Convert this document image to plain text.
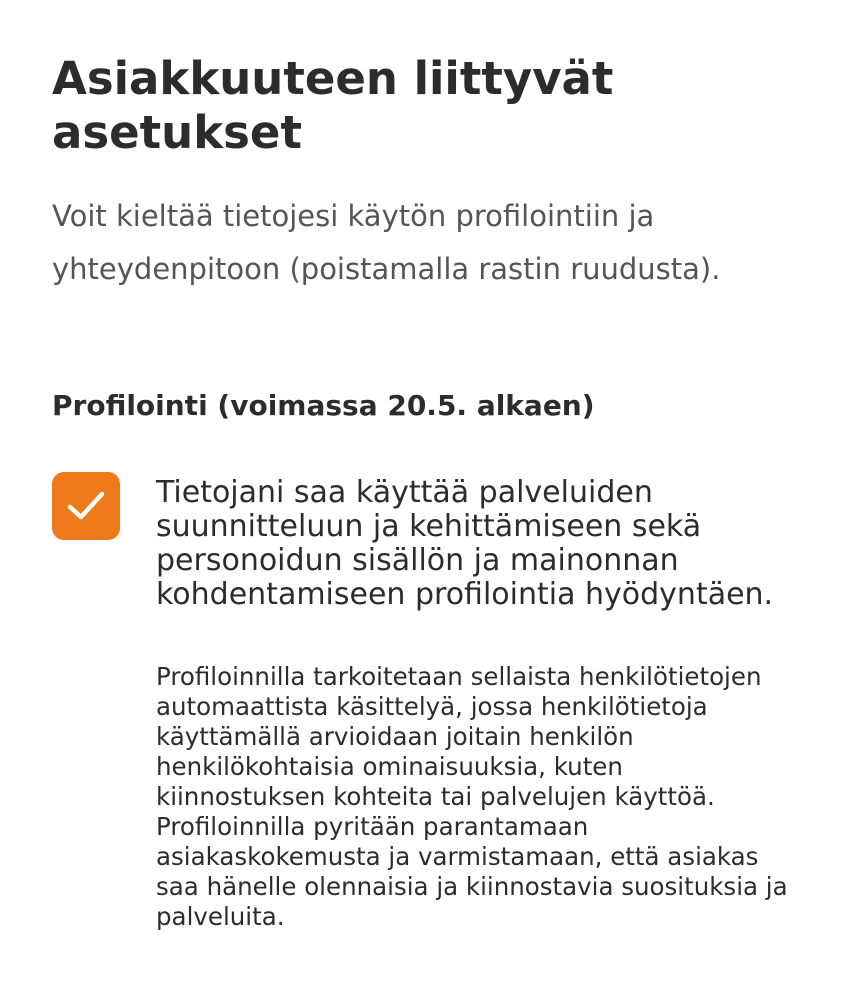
Asiakkuuteen liittyvät asetukset

Voit kieltää tietojesi käytön profilointiin ja yhteydenpitoon (poistamalla rastin ruudusta).

Profilointi (voimassa 20.5. alkaen)

Tietojani saa käyttää palveluiden suunnitteluun ja kehittämiseen sekä personoidun sisällön ja mainonnan kohdentamiseen profilointia hyödyntäen.

Profiloinnilla tarkoitetaan sellaista henkilötietojen automaattista käsittelyä, jossa henkilötietoja käyttämällä arvioidaan joitain henkilön henkilökohtaisia ominaisuuksia, kuten kiinnostuksen kohteita tai palvelujen käyttöä. Profiloinnilla pyritään parantamaan asiakaskokemusta ja varmistamaan, että asiakas saa hänelle olennaisia ja kiinnostavia suosituksia ja palveluita.
